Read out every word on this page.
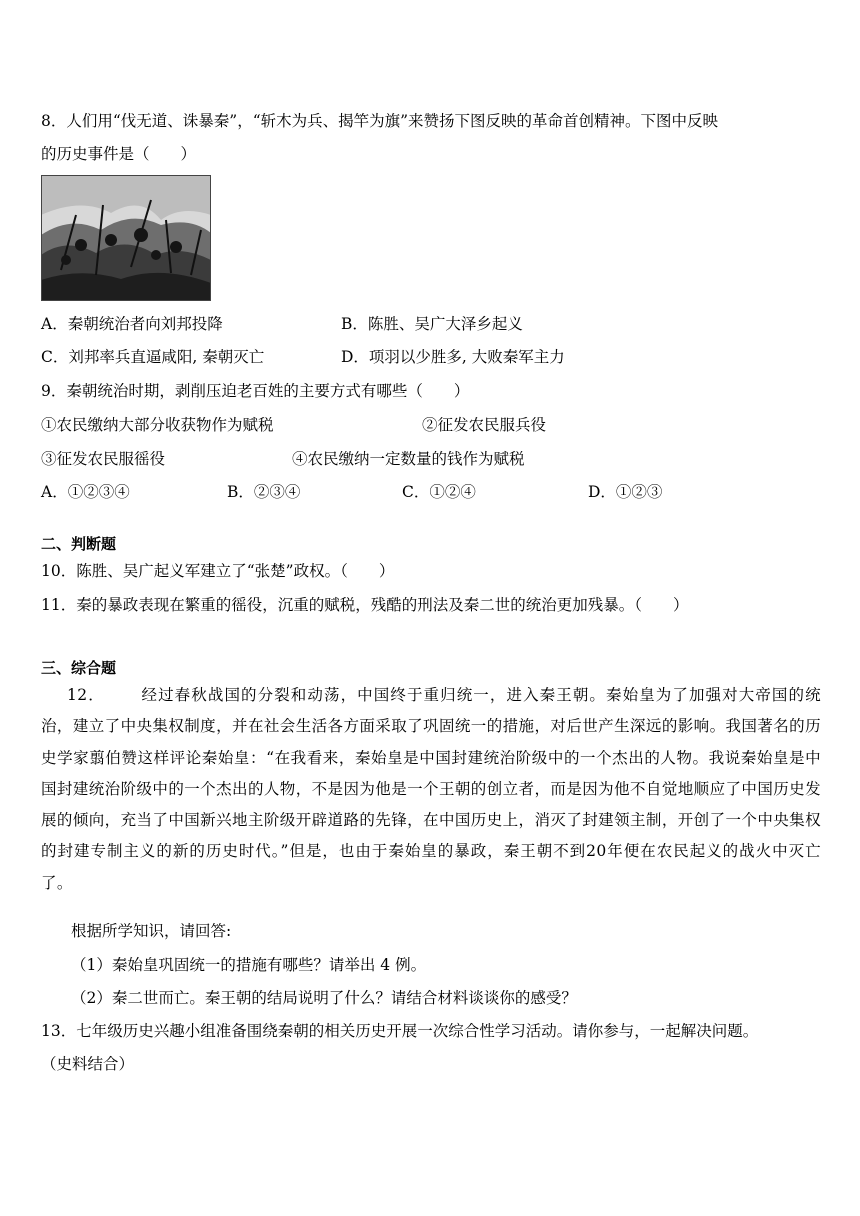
8．人们用“伐无道、诛暴秦”，“斩木为兵、揭竿为旗”来赞扬下图反映的革命首创精神。下图中反映
的历史事件是（　　）
A．秦朝统治者向刘邦投降	B．陈胜、吴广大泽乡起义
C．刘邦率兵直逼咸阳, 秦朝灭亡	D．项羽以少胜多, 大败秦军主力
9．秦朝统治时期，剥削压迫老百姓的主要方式有哪些（　　）
①农民缴纳大部分收获物作为赋税	②征发农民服兵役
③征发农民服徭役	④农民缴纳一定数量的钱作为赋税
A．①②③④	B．②③④	C．①②④	D．①②③
二、判断题
10．陈胜、吴广起义军建立了“张楚”政权。（　　）
11．秦的暴政表现在繁重的徭役，沉重的赋税，残酷的刑法及秦二世的统治更加残暴。（　　）
三、综合题
12． 经过春秋战国的分裂和动荡，中国终于重归统一，进入秦王朝。秦始皇为了加强对大帝国的统治，建立了中央集权制度，并在社会生活各方面采取了巩固统一的措施，对后世产生深远的影响。我国著名的历史学家翦伯赞这样评论秦始皇：“在我看来，秦始皇是中国封建统治阶级中的一个杰出的人物。我说秦始皇是中国封建统治阶级中的一个杰出的人物，不是因为他是一个王朝的创立者，而是因为他不自觉地顺应了中国历史发展的倾向，充当了中国新兴地主阶级开辟道路的先锋，在中国历史上，消灭了封建领主制，开创了一个中央集权的封建专制主义的新的历史时代。”但是，也由于秦始皇的暴政，秦王朝不到20年便在农民起义的战火中灭亡了。
根据所学知识，请回答:
（1）秦始皇巩固统一的措施有哪些？请举出 4 例。
（2）秦二世而亡。秦王朝的结局说明了什么？请结合材料谈谈你的感受？
13．七年级历史兴趣小组准备围绕秦朝的相关历史开展一次综合性学习活动。请你参与，一起解决问题。
（史料结合）
